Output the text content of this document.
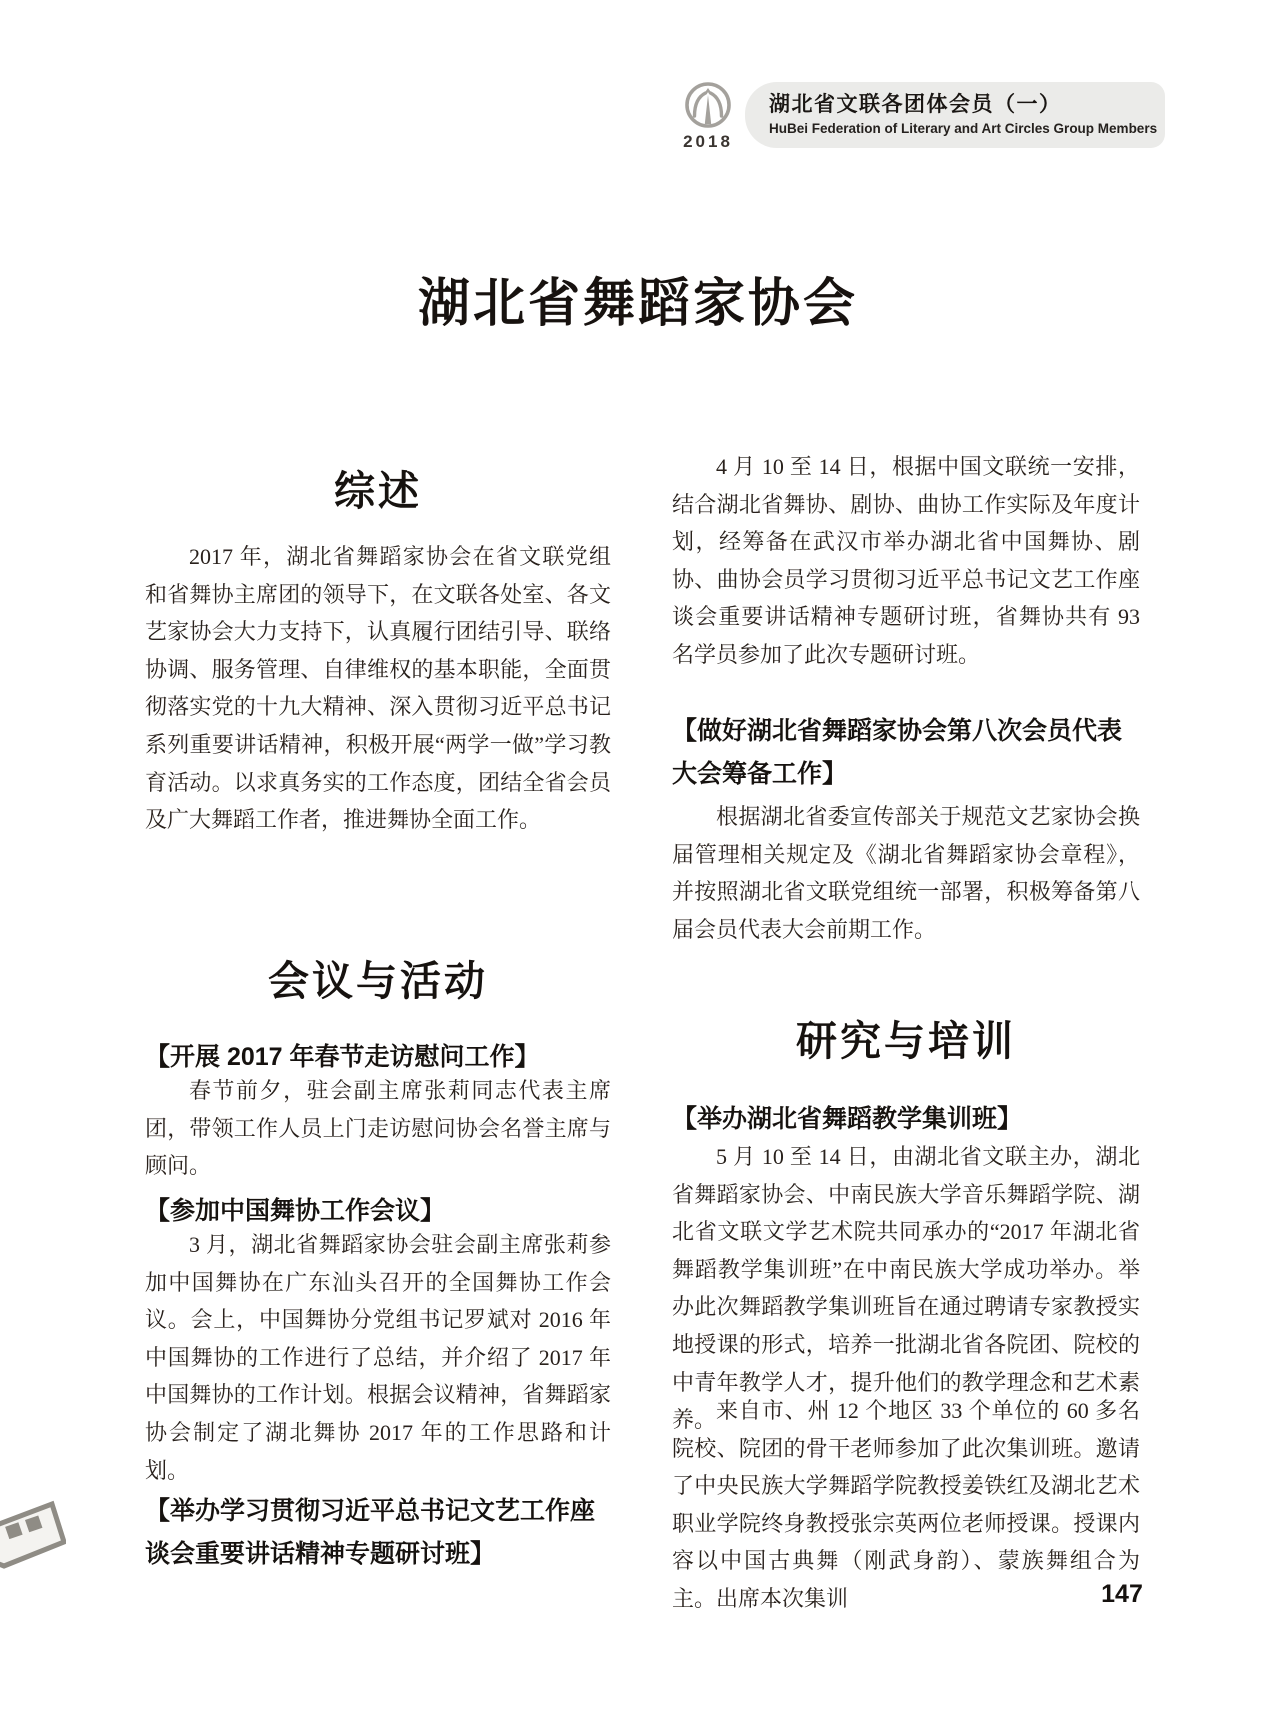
2018
湖北省文联各团体会员（一）
HuBei Federation of Literary and Art Circles Group Members
湖北省舞蹈家协会
综述

2017 年，湖北省舞蹈家协会在省文联党组和省舞协主席团的领导下，在文联各处室、各文艺家协会大力支持下，认真履行团结引导、联络协调、服务管理、自律维权的基本职能，全面贯彻落实党的十九大精神、深入贯彻习近平总书记系列重要讲话精神，积极开展“两学一做”学习教育活动。以求真务实的工作态度，团结全省会员及广大舞蹈工作者，推进舞协全面工作。

会议与活动
【开展 2017 年春节走访慰问工作】

春节前夕，驻会副主席张莉同志代表主席团，带领工作人员上门走访慰问协会名誉主席与顾问。

【参加中国舞协工作会议】

3 月，湖北省舞蹈家协会驻会副主席张莉参加中国舞协在广东汕头召开的全国舞协工作会议。会上，中国舞协分党组书记罗斌对 2016 年中国舞协的工作进行了总结，并介绍了 2017 年中国舞协的工作计划。根据会议精神，省舞蹈家协会制定了湖北舞协 2017 年的工作思路和计划。

【举办学习贯彻习近平总书记文艺工作座谈会重要讲话精神专题研讨班】

4 月 10 至 14 日，根据中国文联统一安排，结合湖北省舞协、剧协、曲协工作实际及年度计划，经筹备在武汉市举办湖北省中国舞协、剧协、曲协会员学习贯彻习近平总书记文艺工作座谈会重要讲话精神专题研讨班，省舞协共有 93 名学员参加了此次专题研讨班。

【做好湖北省舞蹈家协会第八次会员代表大会筹备工作】

根据湖北省委宣传部关于规范文艺家协会换届管理相关规定及《湖北省舞蹈家协会章程》，并按照湖北省文联党组统一部署，积极筹备第八届会员代表大会前期工作。

研究与培训
【举办湖北省舞蹈教学集训班】

5 月 10 至 14 日，由湖北省文联主办，湖北省舞蹈家协会、中南民族大学音乐舞蹈学院、湖北省文联文学艺术院共同承办的“2017 年湖北省舞蹈教学集训班”在中南民族大学成功举办。举办此次舞蹈教学集训班旨在通过聘请专家教授实地授课的形式，培养一批湖北省各院团、院校的中青年教学人才，提升他们的教学理念和艺术素养。 来自市、州 12 个地区 33 个单位的 60 多名院校、院团的骨干老师参加了此次集训班。邀请了中央民族大学舞蹈学院教授姜铁红及湖北艺术职业学院终身教授张宗英两位老师授课。授课内容以中国古典舞（刚武身韵）、蒙族舞组合为主。出席本次集训	147
